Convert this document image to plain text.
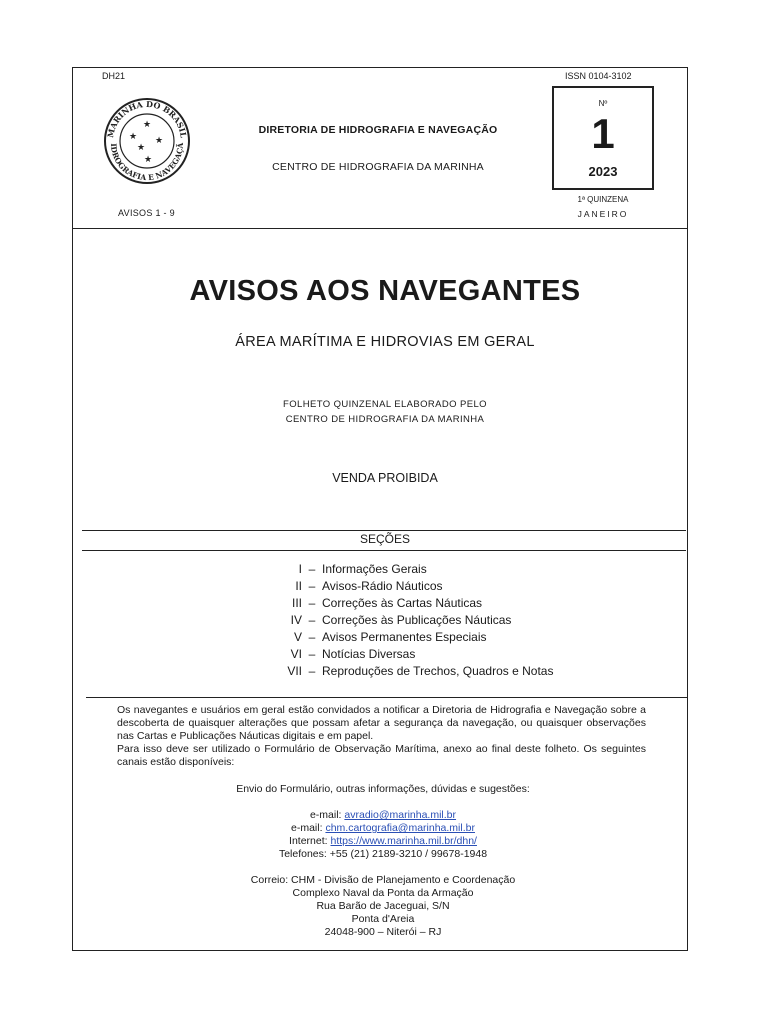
DH21	ISSN 0104-3102
MARINHA DO BRASIL
IDROGRAFIA E NAVEGAÇÃ
★
★ ★
★
★
DIRETORIA DE HIDROGRAFIA E NAVEGAÇÃO
CENTRO DE HIDROGRAFIA DA MARINHA
AVISOS 1 - 9
Nº
1
2023
1ª QUINZENA
JANEIRO
AVISOS AOS NAVEGANTES
ÁREA MARÍTIMA E HIDROVIAS EM GERAL
FOLHETO QUINZENAL ELABORADO PELO
CENTRO DE HIDROGRAFIA DA MARINHA
VENDA PROIBIDA
SEÇÕES
I – Informações Gerais
II – Avisos-Rádio Náuticos
III – Correções às Cartas Náuticas
IV – Correções às Publicações Náuticas
V – Avisos Permanentes Especiais
VI – Notícias Diversas
VII – Reproduções de Trechos, Quadros e Notas

Os navegantes e usuários em geral estão convidados a notificar a Diretoria de Hidrografia e Navegação sobre a descoberta de quaisquer alterações que possam afetar a segurança da navegação, ou quaisquer observações nas Cartas e Publicações Náuticas digitais e em papel.

Para isso deve ser utilizado o Formulário de Observação Marítima, anexo ao final deste folheto. Os seguintes canais estão disponíveis:

Envio do Formulário, outras informações, dúvidas e sugestões:
e-mail: avradio@marinha.mil.br
e-mail: chm.cartografia@marinha.mil.br
Internet: https://www.marinha.mil.br/dhn/
Telefones: +55 (21) 2189-3210 / 99678-1948
Correio: CHM - Divisão de Planejamento e Coordenação
Complexo Naval da Ponta da Armação
Rua Barão de Jaceguai, S/N
Ponta d'Areia
24048-900 – Niterói – RJ
